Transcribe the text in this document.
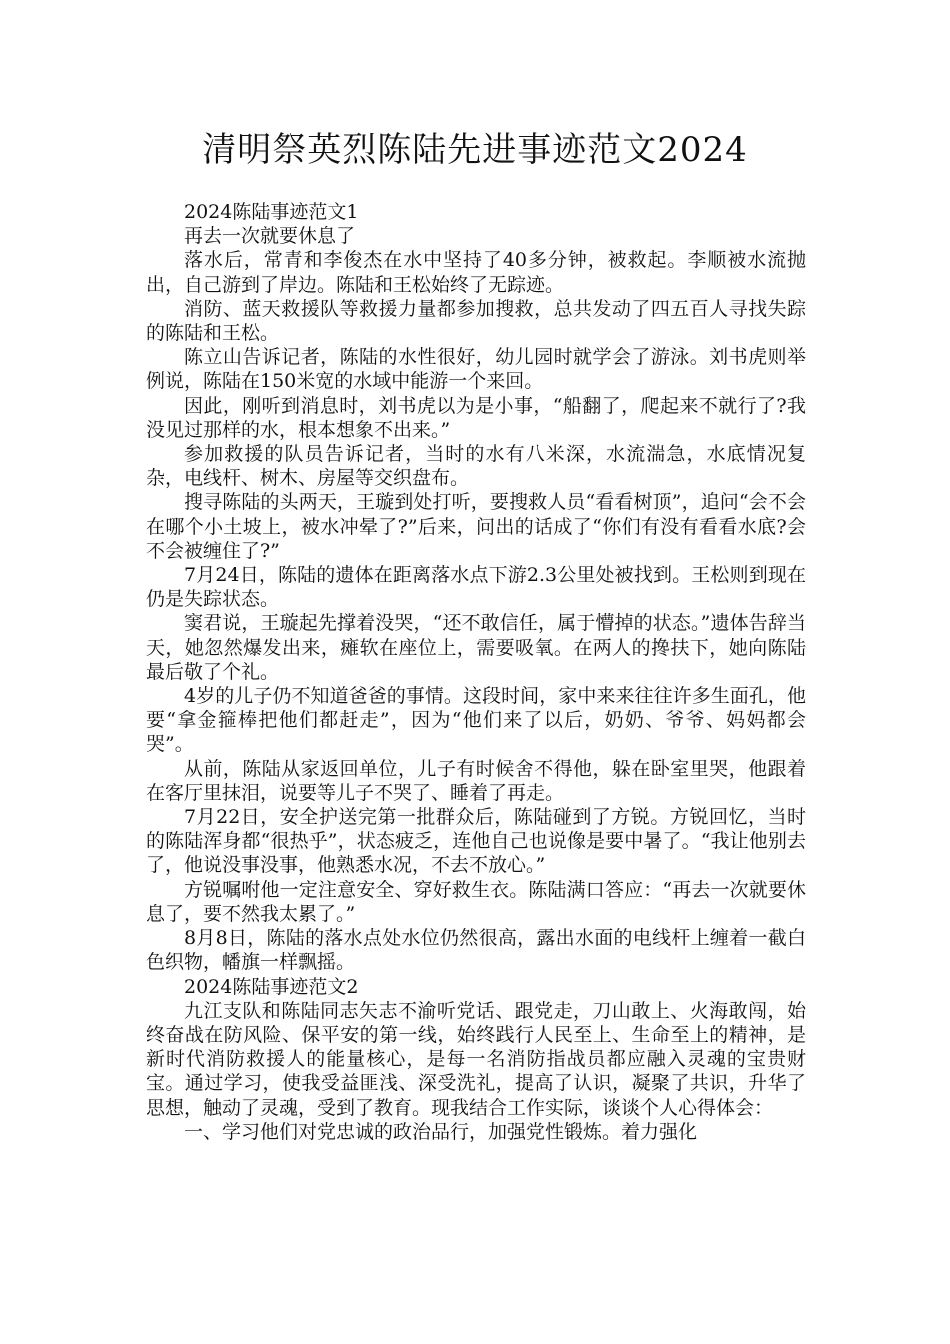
清明祭英烈陈陆先进事迹范文2024

2024陈陆事迹范文1

再去一次就要休息了

落水后，常青和李俊杰在水中坚持了40多分钟，被救起。李顺被水流抛出，自己游到了岸边。陈陆和王松始终了无踪迹。

消防、蓝天救援队等救援力量都参加搜救，总共发动了四五百人寻找失踪的陈陆和王松。

陈立山告诉记者，陈陆的水性很好，幼儿园时就学会了游泳。刘书虎则举例说，陈陆在150米宽的水域中能游一个来回。

因此，刚听到消息时，刘书虎以为是小事，“船翻了，爬起来不就行了?我没见过那样的水，根本想象不出来。”

参加救援的队员告诉记者，当时的水有八米深，水流湍急，水底情况复杂，电线杆、树木、房屋等交织盘布。

搜寻陈陆的头两天，王璇到处打听，要搜救人员“看看树顶”，追问“会不会在哪个小土坡上，被水冲晕了?”后来，问出的话成了“你们有没有看看水底?会不会被缠住了?”

7月24日，陈陆的遗体在距离落水点下游2.3公里处被找到。王松则到现在仍是失踪状态。

窦君说，王璇起先撑着没哭，“还不敢信任，属于懵掉的状态。”遗体告辞当天，她忽然爆发出来，瘫软在座位上，需要吸氧。在两人的搀扶下，她向陈陆最后敬了个礼。

4岁的儿子仍不知道爸爸的事情。这段时间，家中来来往往许多生面孔，他要“拿金箍棒把他们都赶走”，因为“他们来了以后，奶奶、爷爷、妈妈都会哭”。

从前，陈陆从家返回单位，儿子有时候舍不得他，躲在卧室里哭，他跟着在客厅里抹泪，说要等儿子不哭了、睡着了再走。

7月22日，安全护送完第一批群众后，陈陆碰到了方锐。方锐回忆，当时的陈陆浑身都“很热乎”，状态疲乏，连他自己也说像是要中暑了。“我让他别去了，他说没事没事，他熟悉水况，不去不放心。”

方锐嘱咐他一定注意安全、穿好救生衣。陈陆满口答应：“再去一次就要休息了，要不然我太累了。”

8月8日，陈陆的落水点处水位仍然很高，露出水面的电线杆上缠着一截白色织物，幡旗一样飘摇。

2024陈陆事迹范文2

九江支队和陈陆同志矢志不渝听党话、跟党走，刀山敢上、火海敢闯，始终奋战在防风险、保平安的第一线，始终践行人民至上、生命至上的精神，是新时代消防救援人的能量核心，是每一名消防指战员都应融入灵魂的宝贵财宝。通过学习，使我受益匪浅、深受洗礼，提高了认识，凝聚了共识，升华了思想，触动了灵魂，受到了教育。现我结合工作实际，谈谈个人心得体会：

一、学习他们对党忠诚的政治品行，加强党性锻炼。着力强化
